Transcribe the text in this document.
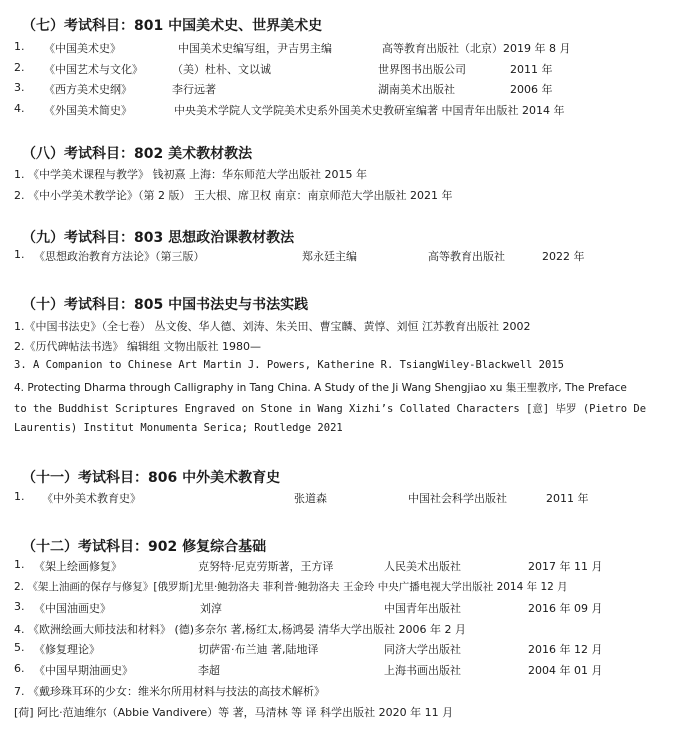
（七）考试科目：801 中国美术史、世界美术史
1. 《中国美术史》	中国美术史编写组，尹吉男主编	高等教育出版社（北京）2019 年 8 月
2. 《中国艺术与文化》	（美）杜朴、文以诚	世界图书出版公司	2011 年
3. 《西方美术史纲》	李行远著	湖南美术出版社	2006 年
4. 《外国美术简史》	中央美术学院人文学院美术史系外国美术史教研室编著 中国青年出版社 2014 年
（八）考试科目：802 美术教材教法
1. 《中学美术课程与教学》 钱初熹 上海：华东师范大学出版社 2015 年
2. 《中小学美术教学论》（第 2 版） 王大根、席卫权 南京：南京师范大学出版社 2021 年
（九）考试科目：803 思想政治课教材教法
1. 《思想政治教育方法论》（第三版）	郑永廷主编	高等教育出版社	2022 年
（十）考试科目：805 中国书法史与书法实践
1.《中国书法史》（全七卷） 丛文俊、华人德、刘涛、朱关田、曹宝麟、黄惇、刘恒 江苏教育出版社 2002
2.《历代碑帖法书选》 编辑组 文物出版社 1980—
3. A Companion to Chinese Art Martin J. Powers, Katherine R. TsiangWiley-Blackwell 2015
4. Protecting Dharma through Calligraphy in Tang China. A Study of the Ji Wang Shengjiao xu 集王聖教序, The Preface
to the Buddhist Scriptures Engraved on Stone in Wang Xizhi’s Collated Characters [意] 毕罗 (Pietro De
Laurentis) Institut Monumenta Serica; Routledge 2021
（十一）考试科目：806 中外美术教育史
1. 《中外美术教育史》	张道森	中国社会科学出版社	2011 年
（十二）考试科目：902 修复综合基础
1. 《架上绘画修复》	克努特·尼克劳斯著，王方译	人民美术出版社	2017 年 11 月
2. 《架上油画的保存与修复》[俄罗斯]尤里·鲍勃洛夫 菲利普·鲍勃洛夫 王金玲 中央广播电视大学出版社 2014 年 12 月
3. 《中国油画史》	刘淳	中国青年出版社	2016 年 09 月
4. 《欧洲绘画大师技法和材料》 (德)多奈尔 著,杨红太,杨鸿晏 清华大学出版社 2006 年 2 月
5. 《修复理论》	切萨雷·布兰迪 著,陆地译	同济大学出版社	2016 年 12 月
6. 《中国早期油画史》	李超	上海书画出版社	2004 年 01 月
7. 《戴珍珠耳环的少女：维米尔所用材料与技法的高技术解析》
[荷] 阿比·范迪维尔（Abbie Vandivere）等 著，马清林 等 译 科学出版社 2020 年 11 月
